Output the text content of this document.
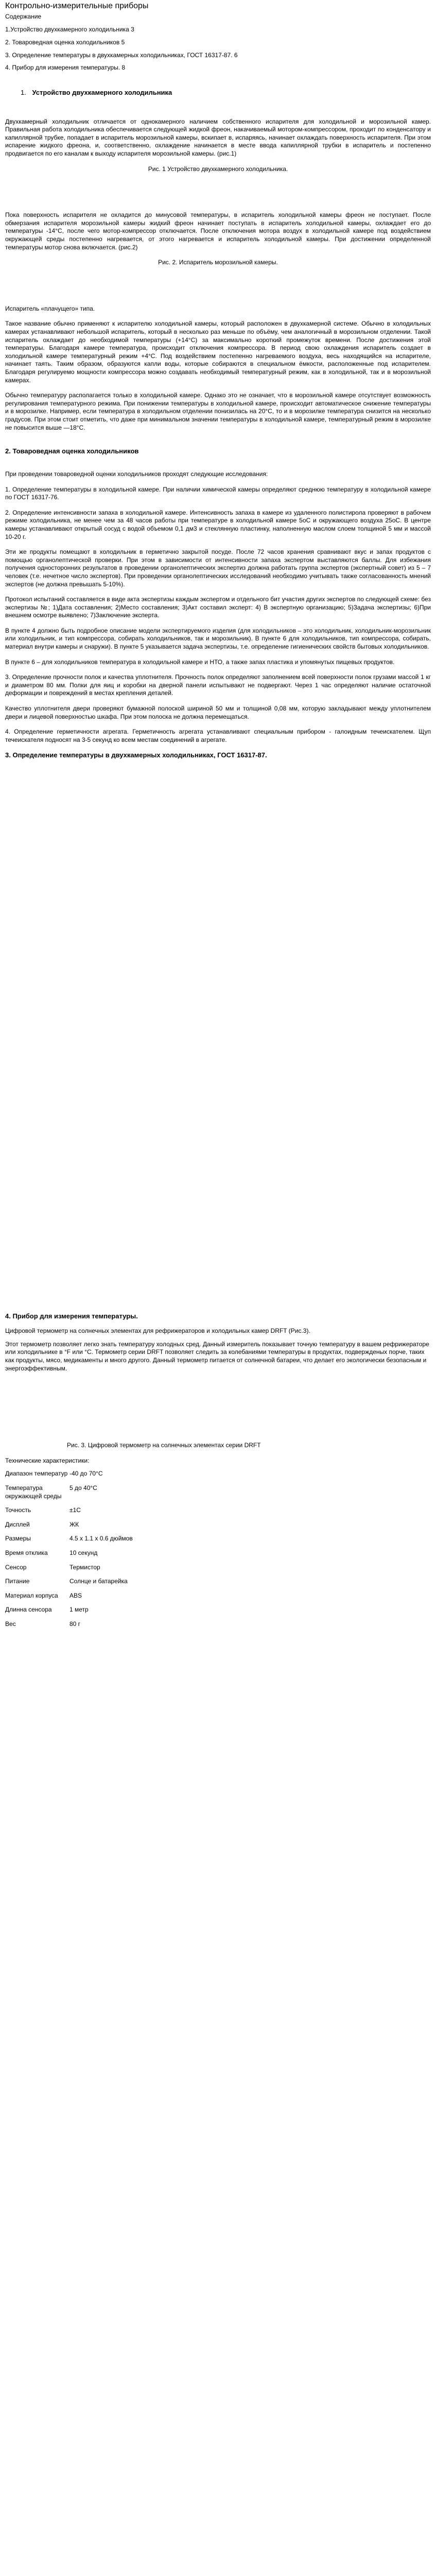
Контрольно-измерительные приборы
Содержание
1.Устройство двухкамерного холодильника 3
2. Товароведная оценка холодильников 5
3. Определение температуры в двухкамерных холодильниках, ГОСТ 16317-87. 6
4. Прибор для измерения температуры. 8
1. Устройство двухкамерного холодильника

Двухкамерный холодильник отличается от однокамерного наличием собственного испарителя для холодильной и морозильной камер. Правильная работа холодильника обеспечивается следующей жидкой фреон, накачиваемый мотором-компрессором, проходит по конденсатору и капиллярной трубке, попадает в испаритель морозильной камеры, вскипает в, испаряясь, начинает охлаждать поверхность испарителя. При этом испарение жидкого фреона, и, соответственно, охлаждение начинается в месте ввода капиллярной трубки в испаритель и постепенно продвигается по его каналам к выходу испарителя морозильной камеры. (рис.1)

Рис. 1 Устройство двухкамерного холодильника.

Пока поверхность испарителя не охладится до минусовой температуры, в испаритель холодильной камеры фреон не поступает. После обмерзания испарителя морозильной камеры жидкий фреон начинает поступать в испаритель холодильной камеры, охлаждает его до температуры -14°С, после чего мотор-компрессор отключается. После отключения мотора воздух в холодильной камере под воздействием окружающей среды постепенно нагревается, от этого нагревается и испаритель холодильной камеры. При достижении определенной температуры мотор снова включается. (рис.2)

Рис. 2. Испаритель морозильной камеры.

Испаритель «плачущего» типа.

Такое название обычно применяют к испарителю холодильной камеры, который расположен в двухкамерной системе. Обычно в холодильных камерах устанавливают небольшой испаритель, который в несколько раз меньше по объёму, чем аналогичный в морозильном отделении. Такой испаритель охлаждает до необходимой температуры (+14°С) за максимально короткий промежуток времени. После достижения этой температуры. Благодаря камере температура, происходит отключения компрессора. В период свою охлаждения испаритель создает в холодильной камере температурный режим +4°С. Под воздействием постепенно нагреваемого воздуха, весь находящийся на испарителе, начинает таять. Таким образом, образуются капли воды, которые собираются в специальном ёмкости, расположенные под испарителем. Благодаря регулируемо мощности компрессора можно создавать необходимый температурный режим, как в холодильной, так и в морозильной камерах.

Обычно температуру располагается только в холодильной камере. Однако это не означает, что в морозильной камере отсутствует возможность регулирования температурного режима. При понижении температуры в холодильной камере, происходит автоматическое снижение температуры и в морозилке. Например, если температура в холодильном отделении понизилась на 20°С, то и в морозилке температура снизится на несколько градусов. При этом стоит отметить, что даже при минимальном значении температуры в холодильной камере, температурный режим в морозилке не повысится выше —18°С.

2. Товароведная оценка холодильников

При проведении товароведной оценки холодильников проходят следующие исследования:

1. Определение температуры в холодильной камере. При наличии химической камеры определяют среднюю температуру в холодильной камере по ГОСТ 16317-76.

2. Определение интенсивности запаха в холодильной камере. Интенсивность запаха в камере из удаленного полистирола проверяют в рабочем режиме холодильника, не менее чем за 48 часов работы при температуре в холодильной камере 5оС и окружающего воздуха 25оС. В центре камеры устанавливают открытый сосуд с водой объемом 0,1 дм3 и стеклянную пластинку, наполненную маслом слоем толщиной 5 мм и массой 10-20 г.

Эти же продукты помещают в холодильник в герметично закрытой посуде. После 72 часов хранения сравнивают вкус и запах продуктов с помощью органолептической проверки. При этом в зависимости от интенсивности запаха экспертом выставляются баллы. Для избежания получения односторонних результатов в проведении органолептических экспертиз должна работать группа экспертов (экспертный совет) из 5 – 7 человек (т.е. нечетное число экспертов). При проведении органолептических исследований необходимо учитывать также согласованность мнений экспертов (не должна превышать 5-10%).

Протокол испытаний составляется в виде акта экспертизы каждым экспертом и отдельного бит участия других экспертов по следующей схеме: без экспертизы №; 1)Дата составления; 2)Место составления; 3)Акт составил эксперт: 4) В экспертную организацию; 5)Задача экспертизы; 6)При внешнем осмотре выявлено; 7)Заключение эксперта.

В пункте 4 должно быть подробное описание модели экспертируемого изделия (для холодильников – это холодильник, холодильник-морозильник или холодильник, и тип компрессора, собирать холодильников, так и морозильник). В пункте 6 для холодильников, тип компрессора, собирать, материал внутри камеры и снаружи). В пункте 5 указывается задача экспертизы, т.е. определение гигиенических свойств бытовых холодильников.

В пункте 6 – для холодильников температура в холодильной камере и НТО, а также запах пластика и упомянутых пищевых продуктов.

3. Определение прочности полок и качества уплотнителя. Прочность полок определяют заполнением всей поверхности полок грузами массой 1 кг и диаметром 80 мм. Полки для яиц и коробки на дверной панели испытывают не подвергают. Через 1 час определяют наличие остаточной деформации и повреждений в местах крепления деталей.

Качество уплотнителя двери проверяют бумажной полоской шириной 50 мм и толщиной 0,08 мм, которую закладывают между уплотнителем двери и лицевой поверхностью шкафа. При этом полоска не должна перемещаться.

4. Определение герметичности агрегата. Герметичность агрегата устанавливают специальным прибором - галоидным течеискателем. Щуп течеискателя подносят на 3-5 секунд ко всем местам соединений в агрегате.

3. Определение температуры в двухкамерных холодильниках, ГОСТ 16317-87.
4. Прибор для измерения температуры.

Цифровой термометр на солнечных элементах для рефрижераторов и холодильных камер DRFT (Рис.3).

Этот термометр позволяет легко знать температуру холодных сред. Данный измеритель показывает точную температуру в вашем рефрижераторе или холодильнике в °F или °С. Термометр серии DRFT позволяет следить за колебаниями температуры в продуктах, подвержденых порче, таких как продукты, мясо, медикаменты и много другого. Данный термометр питается от солнечной батареи, что делает его экологически безопасным и энергоэффективным.

Рис. 3. Цифровой термометр на солнечных элементах серии DRFT
Технические характеристики:
Диапазон температур	-40 до 70°С
Температура окружающей среды	5 до 40°С
Точность	±1С
Дисплей	ЖК
Размеры	4.5 х 1.1 х 0.6 дюймов
Время отклика	10 секунд
Сенсор	Термистор
Питание	Солнце и батарейка
Материал корпуса	ABS
Длинна сенсора	1 метр
Вес	80 г
